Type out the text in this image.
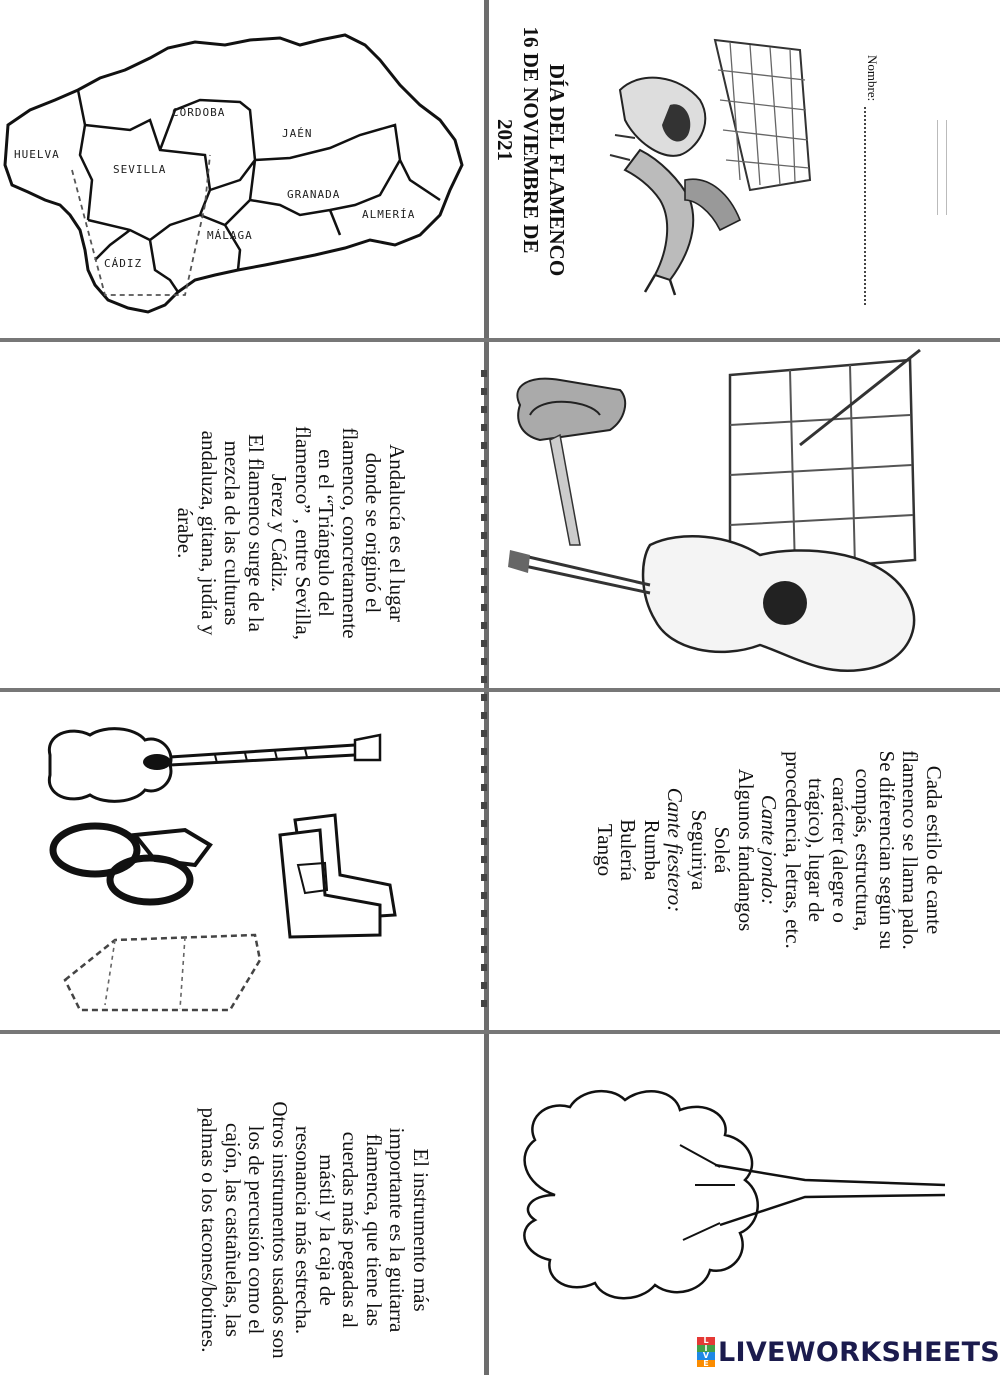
HUELVA
SEVILLA
CÓRDOBA
JAÉN
GRANADA
ALMERÍA
MÁLAGA
CÁDIZ	DÍA DEL FLAMENCO
16 DE NOVIEMBRE DE 2021
Nombre:
Andalucía es el lugar
donde se originó el
flamenco, concretamente
en el “Triángulo del
flamenco” , entre Sevilla,
Jerez y Cádiz.
El flamenco surge de la
mezcla de las culturas
andaluza, gitana, judía y
árabe.
Cada estilo de cante
flamenco se llama palo.
Se diferencian según su
compás, estructura,
carácter (alegre o
trágico), lugar de
procedencia, letras, etc.
Cante jondo:
Algunos fandangos
Soleá
Seguiriya
Cante fiestero:
Rumba
Bulería
Tango
El instrumento más
importante es la guitarra
flamenca, que tiene las
cuerdas más pegadas al
mástil y la caja de
resonancia más estrecha.
Otros instrumentos usados son
los de percusión como el
cajón, las castañuelas, las
palmas o los tacones/botines.	L
I
V
E LIVEWORKSHEETS
